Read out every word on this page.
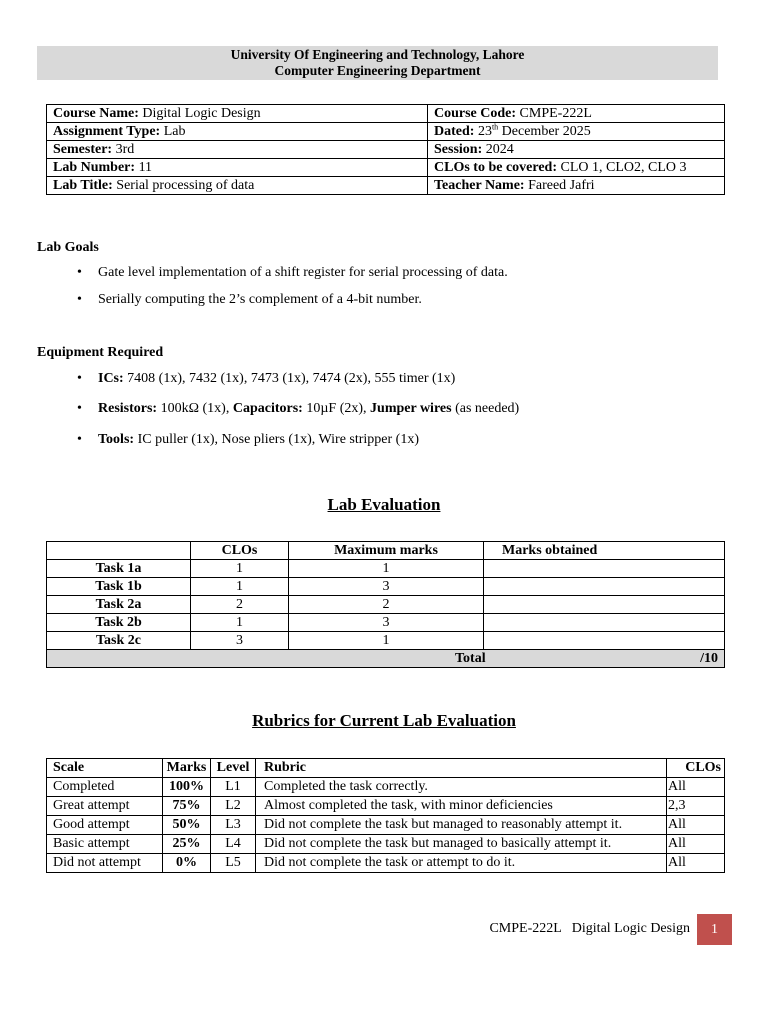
University Of Engineering and Technology, Lahore
Computer Engineering Department
Course Name: Digital Logic Design	Course Code: CMPE-222L
Assignment Type: Lab	Dated: 23th December 2025
Semester: 3rd	Session: 2024
Lab Number: 11	CLOs to be covered: CLO 1, CLO2, CLO 3
Lab Title: Serial processing of data	Teacher Name: Fareed Jafri
Lab Goals
• Gate level implementation of a shift register for serial processing of data.
• Serially computing the 2’s complement of a 4-bit number.
Equipment Required
• ICs: 7408 (1x), 7432 (1x), 7473 (1x), 7474 (2x), 555 timer (1x)
• Resistors: 100kΩ (1x), Capacitors: 10µF (2x), Jumper wires (as needed)
• Tools: IC puller (1x), Nose pliers (1x), Wire stripper (1x)
Lab Evaluation
	CLOs	Maximum marks	Marks obtained
Task 1a	1	1	
Task 1b	1	3	
Task 2a	2	2	
Task 2b	1	3	
Task 2c	3	1	

Total /10			

Rubrics for Current Lab Evaluation
Scale	Marks	Level	Rubric	CLOs
Completed	100%	L1	Completed the task correctly.	All
Great attempt	75%	L2	Almost completed the task, with minor deficiencies	2,3
Good attempt	50%	L3	Did not complete the task but managed to reasonably attempt it.	All
Basic attempt	25%	L4	Did not complete the task but managed to basically attempt it.	All
Did not attempt	0%	L5	Did not complete the task or attempt to do it.	All
CMPE-222L   Digital Logic Design	1
